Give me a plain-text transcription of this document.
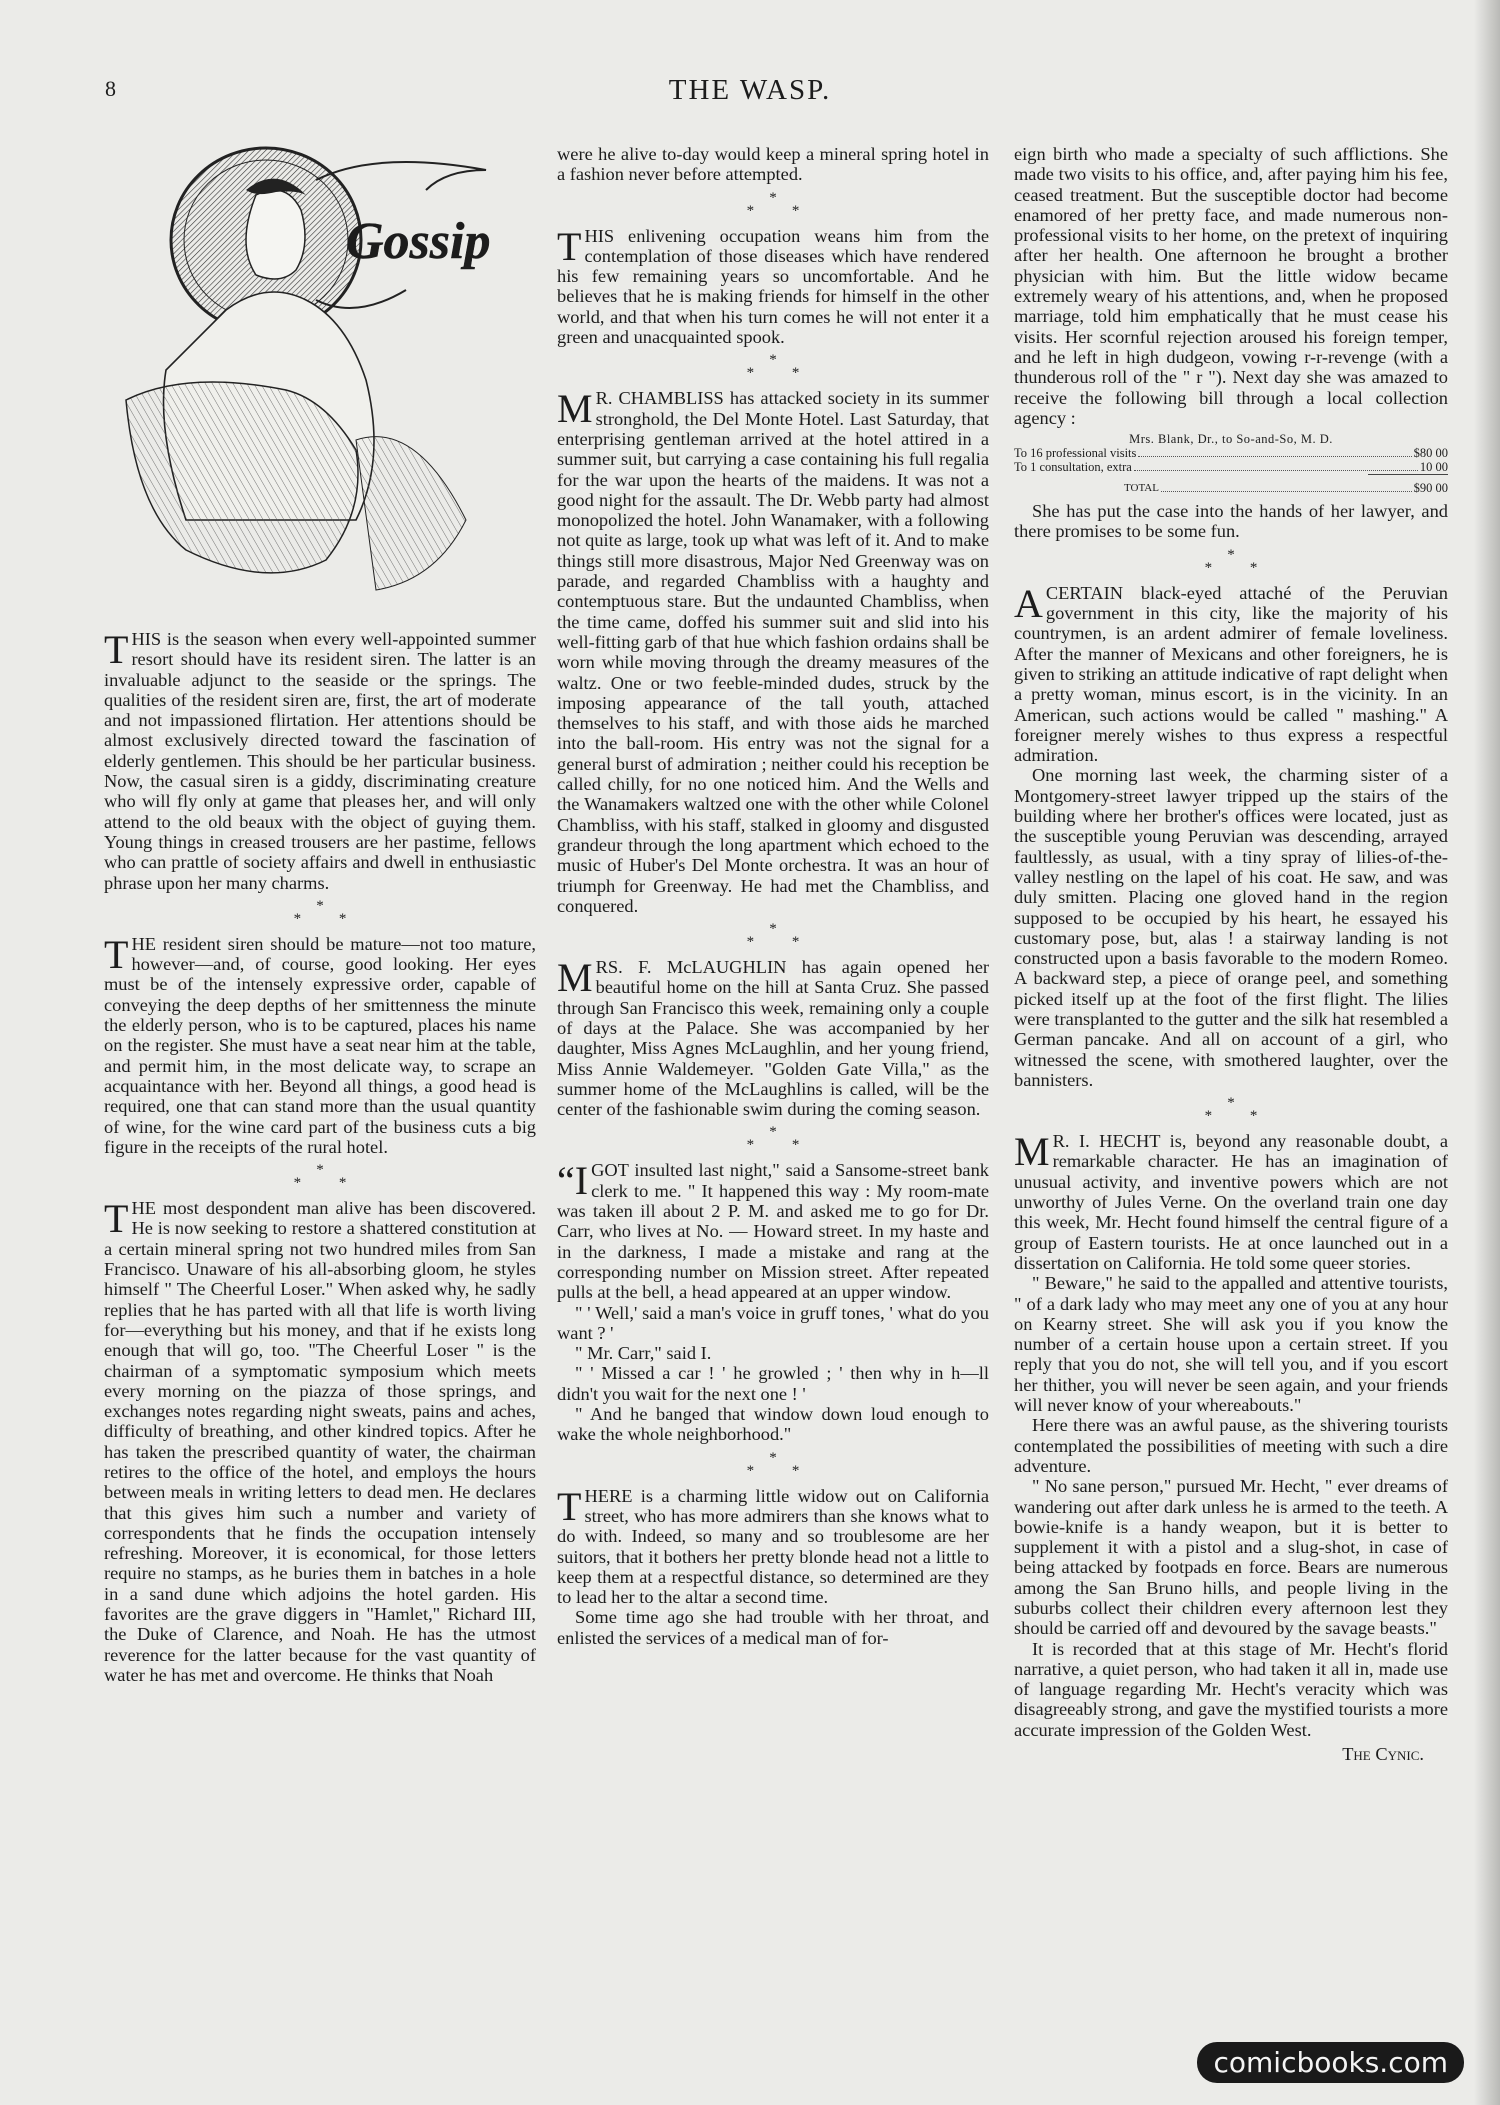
8	THE WASP.
Gossip

THIS is the season when every well-appointed summer resort should have its resident siren. The latter is an invaluable adjunct to the seaside or the springs. The qualities of the resident siren are, first, the art of moderate and not impassioned flirtation. Her attentions should be almost exclusively directed toward the fascination of elderly gentlemen. This should be her particular business. Now, the casual siren is a giddy, discriminating creature who will fly only at game that pleases her, and will only attend to the old beaux with the object of guying them. Young things in creased trousers are her pastime, fellows who can prattle of society affairs and dwell in enthusiastic phrase upon her many charms.

*
* *

THE resident siren should be mature—not too mature, however—and, of course, good looking. Her eyes must be of the intensely expressive order, capable of conveying the deep depths of her smittenness the minute the elderly person, who is to be captured, places his name on the register. She must have a seat near him at the table, and permit him, in the most delicate way, to scrape an acquaintance with her. Beyond all things, a good head is required, one that can stand more than the usual quantity of wine, for the wine card part of the business cuts a big figure in the receipts of the rural hotel.

*
* *

THE most despondent man alive has been discovered. He is now seeking to restore a shattered constitution at a certain mineral spring not two hundred miles from San Francisco. Unaware of his all-absorbing gloom, he styles himself " The Cheerful Loser." When asked why, he sadly replies that he has parted with all that life is worth living for—everything but his money, and that if he exists long enough that will go, too. "The Cheerful Loser " is the chairman of a symptomatic symposium which meets every morning on the piazza of those springs, and exchanges notes regarding night sweats, pains and aches, difficulty of breathing, and other kindred topics. After he has taken the prescribed quantity of water, the chairman retires to the office of the hotel, and employs the hours between meals in writing letters to dead men. He declares that this gives him such a number and variety of correspondents that he finds the occupation intensely refreshing. Moreover, it is economical, for those letters require no stamps, as he buries them in batches in a hole in a sand dune which adjoins the hotel garden. His favorites are the grave diggers in "Hamlet," Richard III, the Duke of Clarence, and Noah. He has the utmost reverence for the latter because for the vast quantity of water he has met and overcome. He thinks that Noah

were he alive to-day would keep a mineral spring hotel in a fashion never before attempted.

*
* *

THIS enlivening occupation weans him from the contemplation of those diseases which have rendered his few remaining years so uncomfortable. And he believes that he is making friends for himself in the other world, and that when his turn comes he will not enter it a green and unacquainted spook.

*
* *

M R. CHAMBLISS has attacked society in its summer stronghold, the Del Monte Hotel. Last Saturday, that enterprising gentleman arrived at the hotel attired in a summer suit, but carrying a case containing his full regalia for the war upon the hearts of the maidens. It was not a good night for the assault. The Dr. Webb party had almost monopolized the hotel. John Wanamaker, with a following not quite as large, took up what was left of it. And to make things still more disastrous, Major Ned Greenway was on parade, and regarded Chambliss with a haughty and contemptuous stare. But the undaunted Chambliss, when the time came, doffed his summer suit and slid into his well-fitting garb of that hue which fashion ordains shall be worn while moving through the dreamy measures of the waltz. One or two feeble-minded dudes, struck by the imposing appearance of the tall youth, attached themselves to his staff, and with those aids he marched into the ball-room. His entry was not the signal for a general burst of admiration ; neither could his reception be called chilly, for no one noticed him. And the Wells and the Wanamakers waltzed one with the other while Colonel Chambliss, with his staff, stalked in gloomy and disgusted grandeur through the long apartment which echoed to the music of Huber's Del Monte orchestra. It was an hour of triumph for Greenway. He had met the Chambliss, and conquered.

*
* *

MRS. F. McLAUGHLIN has again opened her beautiful home on the hill at Santa Cruz. She passed through San Francisco this week, remaining only a couple of days at the Palace. She was accompanied by her daughter, Miss Agnes McLaughlin, and her young friend, Miss Annie Waldemeyer. "Golden Gate Villa," as the summer home of the McLaughlins is called, will be the center of the fashionable swim during the coming season.

*
* *

“I GOT insulted last night," said a Sansome-street bank clerk to me. " It happened this way : My room-mate was taken ill about 2 P. M. and asked me to go for Dr. Carr, who lives at No. — Howard street. In my haste and in the darkness, I made a mistake and rang at the corresponding number on Mission street. After repeated pulls at the bell, a head appeared at an upper window.

" ' Well,' said a man's voice in gruff tones, ' what do you want ? '

" Mr. Carr," said I.

" ' Missed a car ! ' he growled ; ' then why in h—ll didn't you wait for the next one ! '

" And he banged that window down loud enough to wake the whole neighborhood."

*
* *

THERE is a charming little widow out on California street, who has more admirers than she knows what to do with. Indeed, so many and so troublesome are her suitors, that it bothers her pretty blonde head not a little to keep them at a respectful distance, so determined are they to lead her to the altar a second time.

Some time ago she had trouble with her throat, and enlisted the services of a medical man of for-

eign birth who made a specialty of such afflictions. She made two visits to his office, and, after paying him his fee, ceased treatment. But the susceptible doctor had become enamored of her pretty face, and made numerous non-professional visits to her home, on the pretext of inquiring after her health. One afternoon he brought a brother physician with him. But the little widow became extremely weary of his attentions, and, when he proposed marriage, told him emphatically that he must cease his visits. Her scornful rejection aroused his foreign temper, and he left in high dudgeon, vowing r-r-revenge (with a thunderous roll of the " r "). Next day she was amazed to receive the following bill through a local collection agency :

Mrs. Blank, Dr., to So-and-So, M. D.
To 16 professional visits	$80 00
To 1 consultation, extra	10 00
TOTAL	$90 00

She has put the case into the hands of her lawyer, and there promises to be some fun.

*
* *

A CERTAIN black-eyed attaché of the Peruvian government in this city, like the majority of his countrymen, is an ardent admirer of female loveliness. After the manner of Mexicans and other foreigners, he is given to striking an attitude indicative of rapt delight when a pretty woman, minus escort, is in the vicinity. In an American, such actions would be called " mashing." A foreigner merely wishes to thus express a respectful admiration.

One morning last week, the charming sister of a Montgomery-street lawyer tripped up the stairs of the building where her brother's offices were located, just as the susceptible young Peruvian was descending, arrayed faultlessly, as usual, with a tiny spray of lilies-of-the-valley nestling on the lapel of his coat. He saw, and was duly smitten. Placing one gloved hand in the region supposed to be occupied by his heart, he essayed his customary pose, but, alas ! a stairway landing is not constructed upon a basis favorable to the modern Romeo. A backward step, a piece of orange peel, and something picked itself up at the foot of the first flight. The lilies were transplanted to the gutter and the silk hat resembled a German pancake. And all on account of a girl, who witnessed the scene, with smothered laughter, over the bannisters.

*
* *

M R. I. HECHT is, beyond any reasonable doubt, a remarkable character. He has an imagination of unusual activity, and inventive powers which are not unworthy of Jules Verne. On the overland train one day this week, Mr. Hecht found himself the central figure of a group of Eastern tourists. He at once launched out in a dissertation on California. He told some queer stories.

" Beware," he said to the appalled and attentive tourists, " of a dark lady who may meet any one of you at any hour on Kearny street. She will ask you if you know the number of a certain house upon a certain street. If you reply that you do not, she will tell you, and if you escort her thither, you will never be seen again, and your friends will never know of your whereabouts."

Here there was an awful pause, as the shivering tourists contemplated the possibilities of meeting with such a dire adventure.

" No sane person," pursued Mr. Hecht, " ever dreams of wandering out after dark unless he is armed to the teeth. A bowie-knife is a handy weapon, but it is better to supplement it with a pistol and a slug-shot, in case of being attacked by footpads en force. Bears are numerous among the San Bruno hills, and people living in the suburbs collect their children every afternoon lest they should be carried off and devoured by the savage beasts."

It is recorded that at this stage of Mr. Hecht's florid narrative, a quiet person, who had taken it all in, made use of language regarding Mr. Hecht's veracity which was disagreeably strong, and gave the mystified tourists a more accurate impression of the Golden West.

The Cynic.
comicbooks.com
